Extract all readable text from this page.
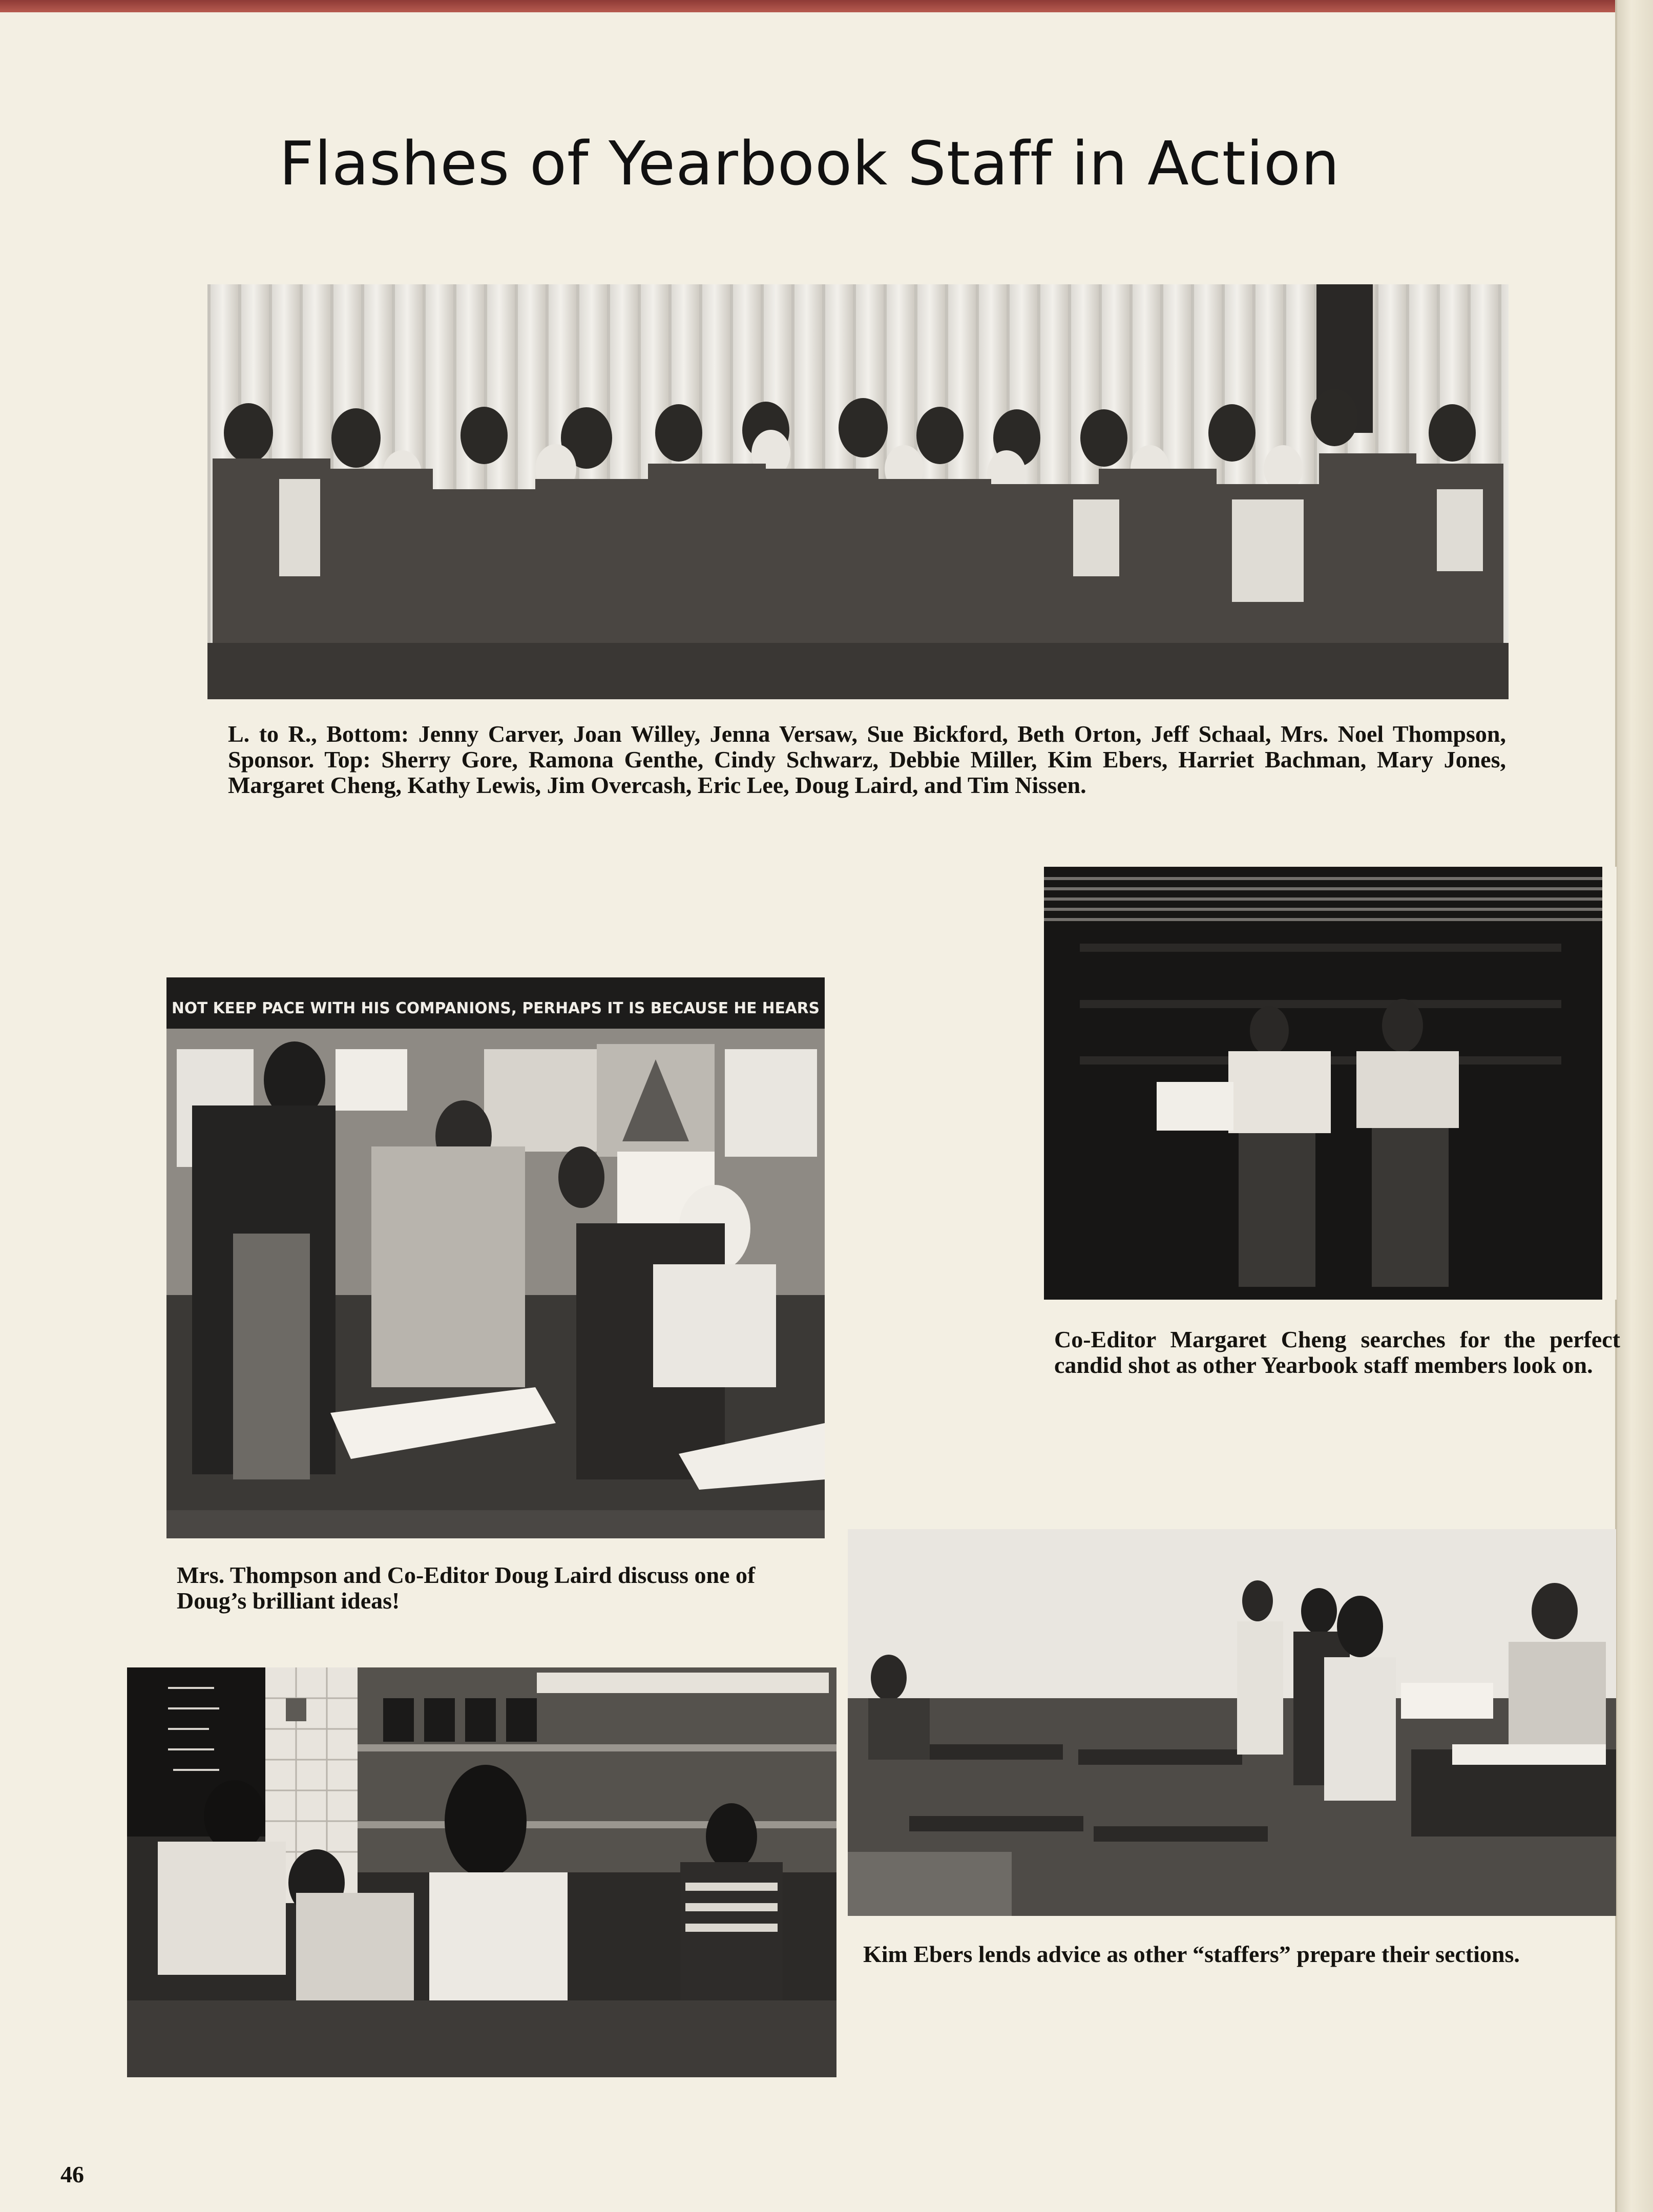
Flashes of Yearbook Staff in Action
L. to R., Bottom: Jenny Carver, Joan Willey, Jenna Versaw, Sue Bickford, Beth Orton, Jeff Schaal, Mrs. Noel Thompson, Sponsor. Top: Sherry Gore, Ramona Genthe, Cindy Schwarz, Debbie Miller, Kim Ebers, Harriet Bachman, Mary Jones, Margaret Cheng, Kathy Lewis, Jim Overcash, Eric Lee, Doug Laird, and Tim Nissen.
Co-Editor Margaret Cheng searches for the perfect candid shot as other Yearbook staff members look on.
NOT KEEP PACE WITH HIS COMPANIONS, PERHAPS IT IS BECAUSE HE HEARS
Mrs. Thompson and Co-Editor Doug Laird discuss one of Doug’s brilliant ideas!
Kim Ebers lends advice as other “staffers” prepare their sections.
46
